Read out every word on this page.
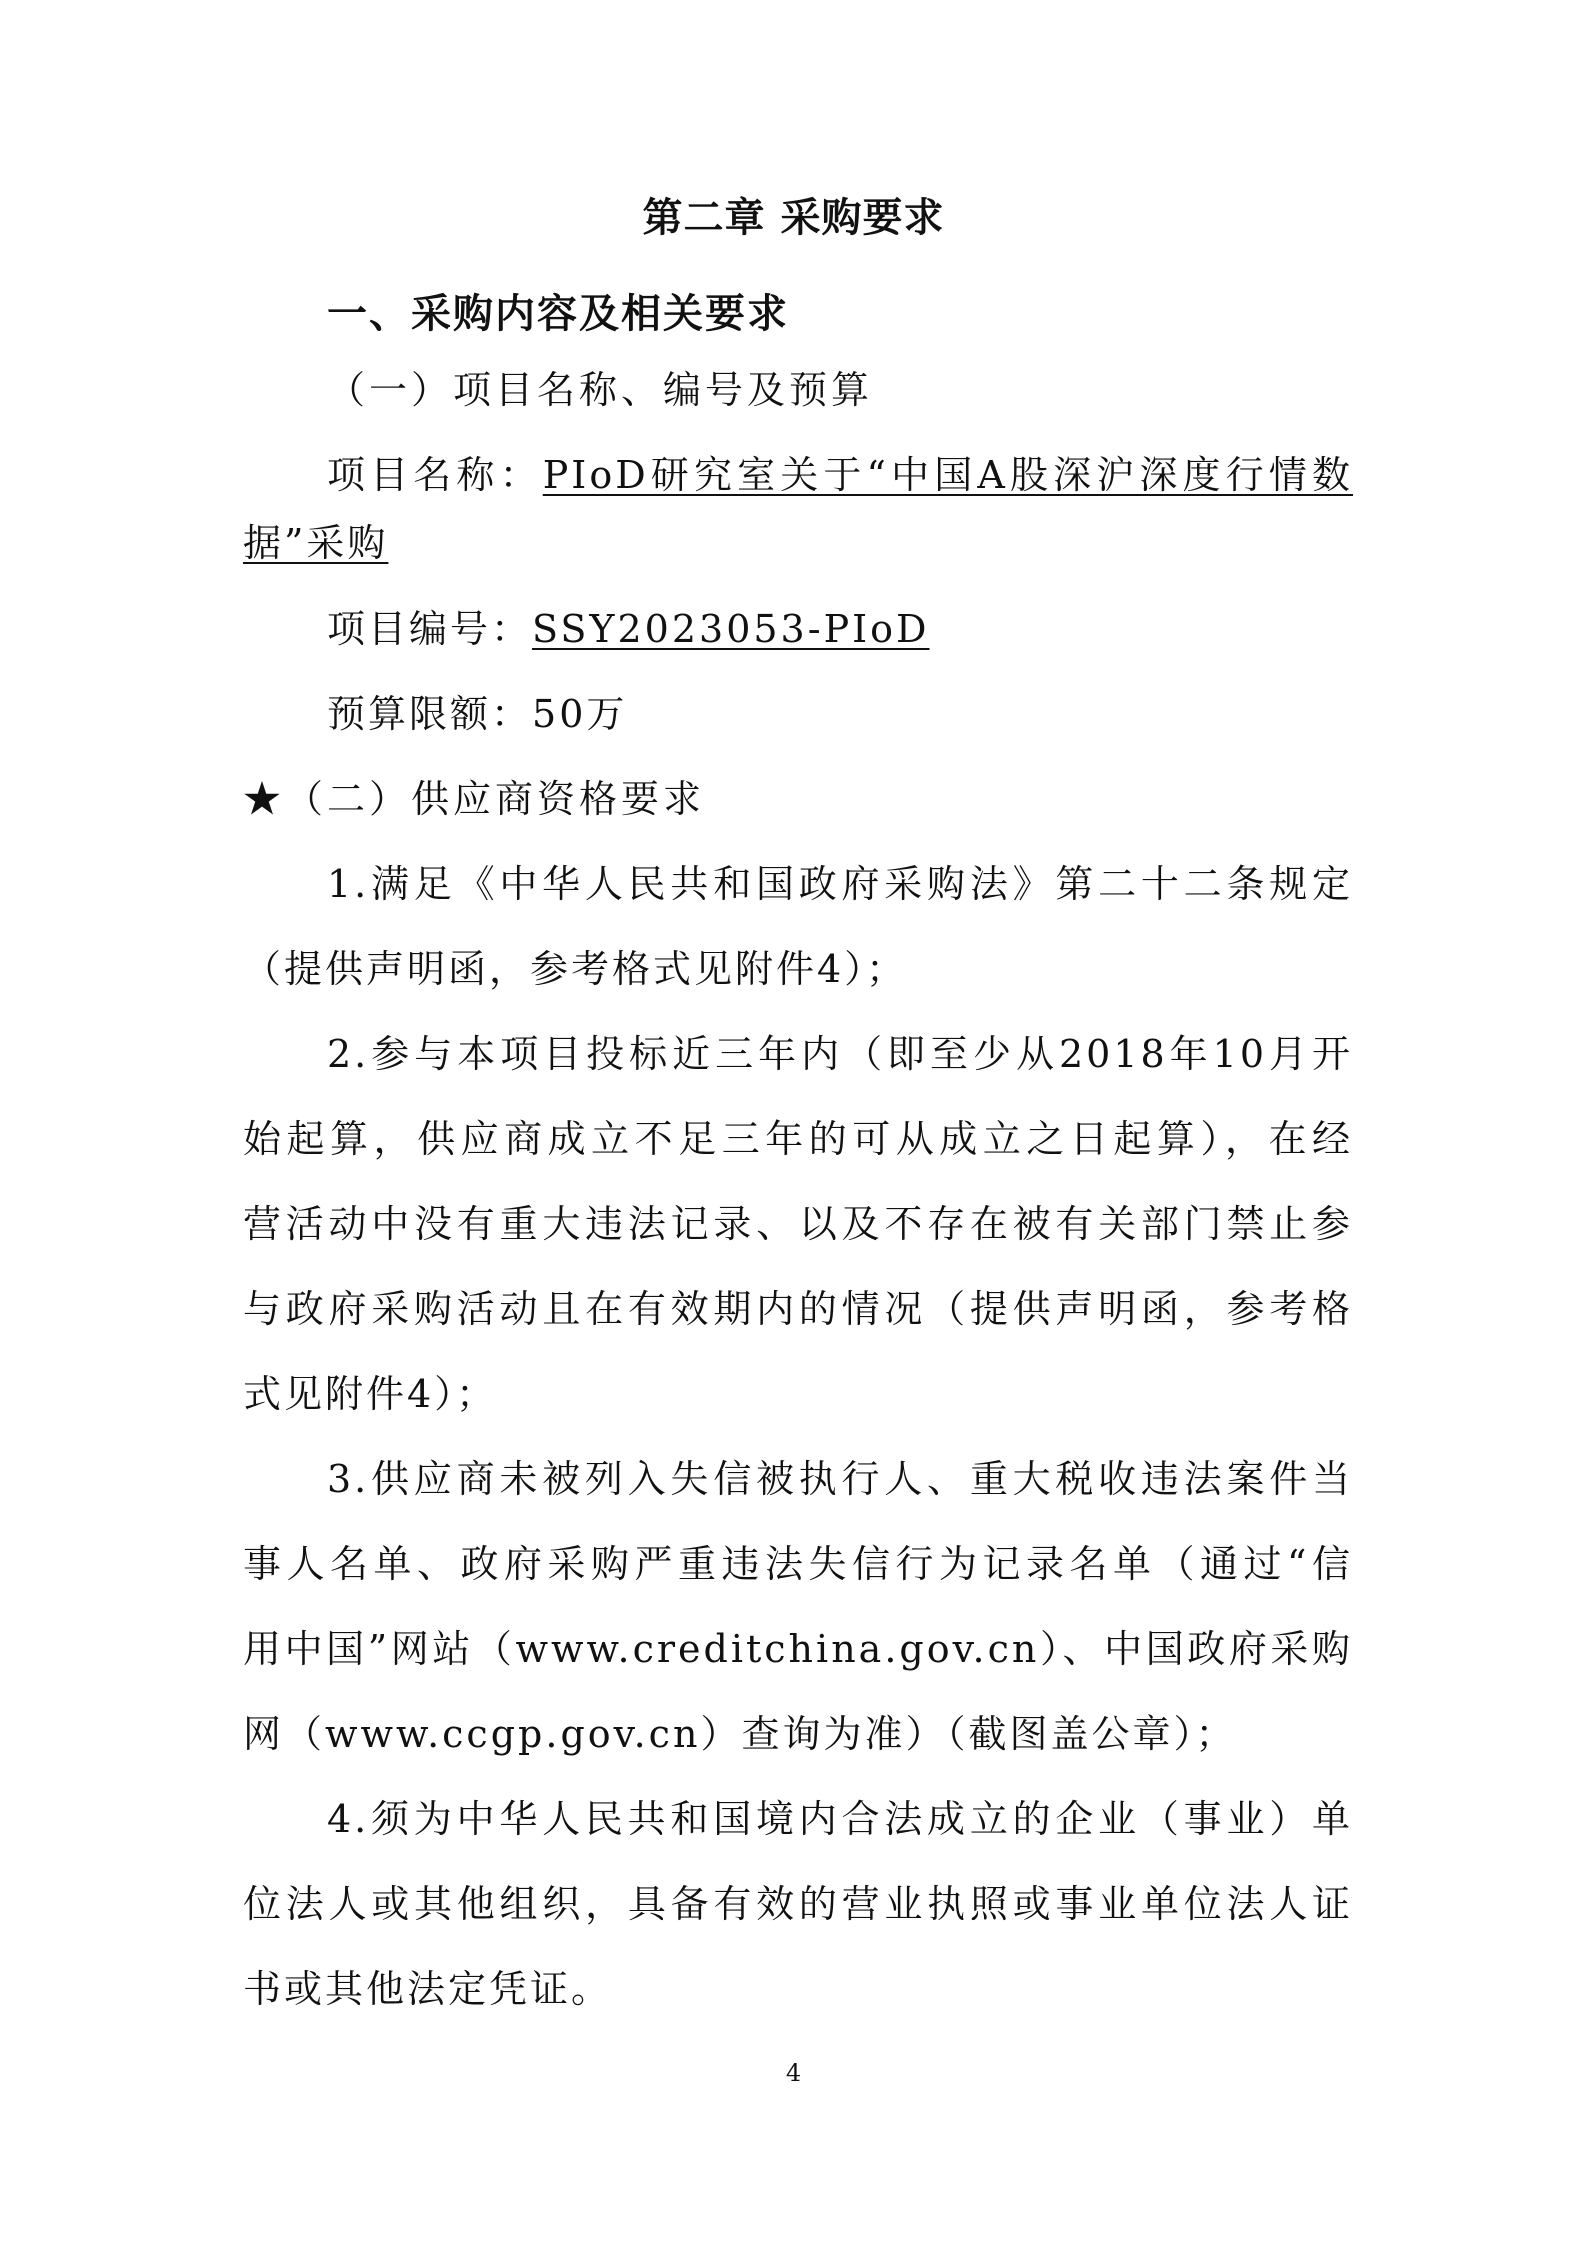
第二章 采购要求
一、采购内容及相关要求
（一）项目名称、编号及预算
项目名称：PIoD研究室关于“中国A股深沪深度行情数
据”采购
项目编号：SSY2023053-PIoD
预算限额：50万
★（二）供应商资格要求
1.满足《中华人民共和国政府采购法》第二十二条规定
（提供声明函，参考格式见附件4）；
2.参与本项目投标近三年内（即至少从2018年10月开
始起算，供应商成立不足三年的可从成立之日起算），在经
营活动中没有重大违法记录、以及不存在被有关部门禁止参
与政府采购活动且在有效期内的情况（提供声明函，参考格
式见附件4）；
3.供应商未被列入失信被执行人、重大税收违法案件当
事人名单、政府采购严重违法失信行为记录名单（通过“信
用中国”网站（www.creditchina.gov.cn）、中国政府采购
网（www.ccgp.gov.cn）查询为准）（截图盖公章）；
4.须为中华人民共和国境内合法成立的企业（事业）单
位法人或其他组织，具备有效的营业执照或事业单位法人证
书或其他法定凭证。
4
